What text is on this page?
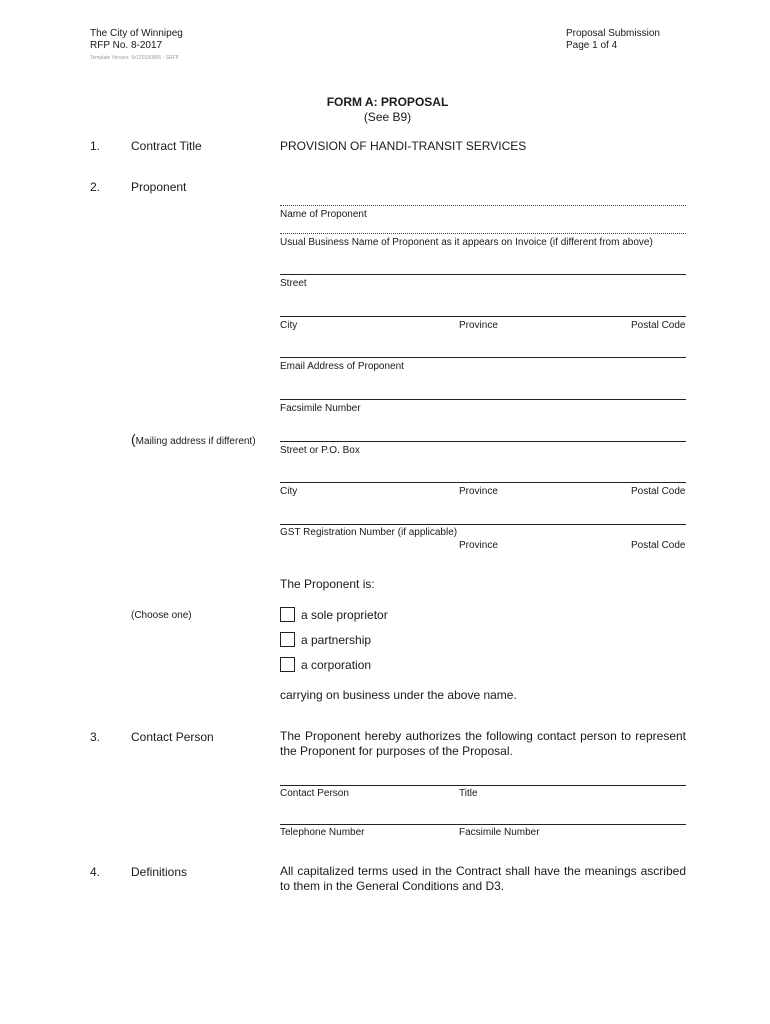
The City of Winnipeg
RFP No. 8-2017
Template Version: Sr120150806 - SRFP
Proposal Submission
Page 1 of 4
FORM A: PROPOSAL
(See B9)
1.	Contract Title	PROVISION OF HANDI-TRANSIT SERVICES
2.	Proponent
Name of Proponent
Usual Business Name of Proponent as it appears on Invoice (if different from above)
Street
City	Province	Postal Code
Email Address of Proponent
Facsimile Number
(Mailing address if different)
Street or P.O. Box
City	Province	Postal Code
GST Registration Number (if applicable)
Province	Postal Code
The Proponent is:
(Choose one)	a sole proprietor
a partnership
a corporation
carrying on business under the above name.
3.	Contact Person	The Proponent hereby authorizes the following contact person to represent the Proponent for purposes of the Proposal.
Contact Person	Title
Telephone Number	Facsimile Number
4.	Definitions	All capitalized terms used in the Contract shall have the meanings ascribed to them in the General Conditions and D3.
